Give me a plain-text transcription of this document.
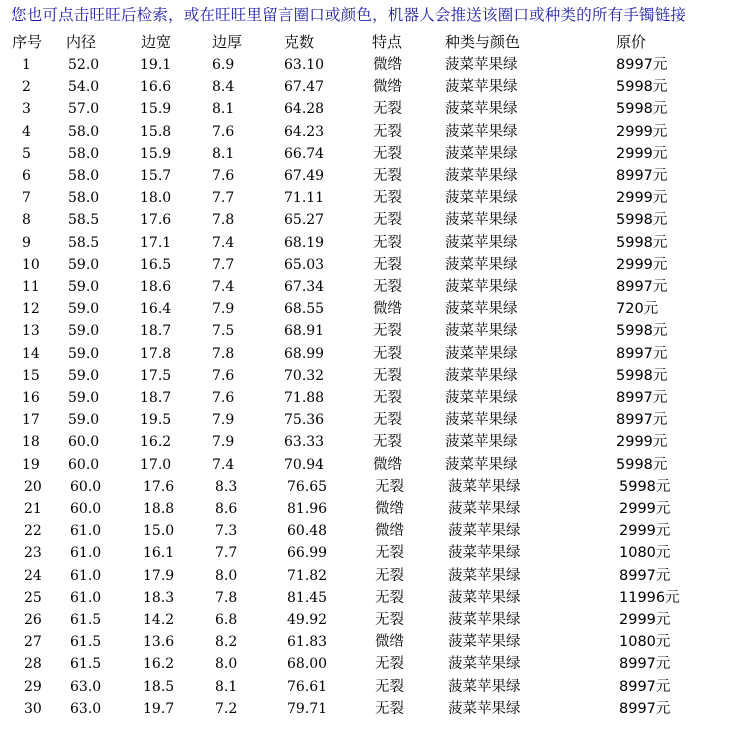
您也可点击旺旺后检索，或在旺旺里留言圈口或颜色，机器人会推送该圈口或种类的所有手镯链接
序号 内径	边宽	边厚	克数	特点	种类与颜色	原价
1	52.0	19.1	6.9	63.10	微绺	菠菜苹果绿	8997元
2	54.0	16.6	8.4	67.47	微绺	菠菜苹果绿	5998元
3	57.0	15.9	8.1	64.28	无裂	菠菜苹果绿	5998元
4	58.0	15.8	7.6	64.23	无裂	菠菜苹果绿	2999元
5	58.0	15.9	8.1	66.74	无裂	菠菜苹果绿	2999元
6	58.0	15.7	7.6	67.49	无裂	菠菜苹果绿	8997元
7	58.0	18.0	7.7	71.11	无裂	菠菜苹果绿	2999元
8	58.5	17.6	7.8	65.27	无裂	菠菜苹果绿	5998元
9	58.5	17.1	7.4	68.19	无裂	菠菜苹果绿	5998元
10 59.0	16.5	7.7	65.03	无裂	菠菜苹果绿	2999元
11 59.0	18.6	7.4	67.34	无裂	菠菜苹果绿	8997元
12 59.0	16.4	7.9	68.55	微绺	菠菜苹果绿	720元
13 59.0	18.7	7.5	68.91	无裂	菠菜苹果绿	5998元
14 59.0	17.8	7.8	68.99	无裂	菠菜苹果绿	8997元
15 59.0	17.5	7.6	70.32	无裂	菠菜苹果绿	5998元
16 59.0	18.7	7.6	71.88	无裂	菠菜苹果绿	8997元
17 59.0	19.5	7.9	75.36	无裂	菠菜苹果绿	8997元
18 60.0	16.2	7.9	63.33	无裂	菠菜苹果绿	2999元
19 60.0	17.0	7.4	70.94	微绺	菠菜苹果绿	5998元
20 60.0	17.6	8.3	76.65	无裂	菠菜苹果绿	5998元
21 60.0	18.8	8.6	81.96	微绺	菠菜苹果绿	2999元
22 61.0	15.0	7.3	60.48	微绺	菠菜苹果绿	2999元
23 61.0	16.1	7.7	66.99	无裂	菠菜苹果绿	1080元
24 61.0	17.9	8.0	71.82	无裂	菠菜苹果绿	8997元
25 61.0	18.3	7.8	81.45	无裂	菠菜苹果绿	11996元
26 61.5	14.2	6.8	49.92	无裂	菠菜苹果绿	2999元
27 61.5	13.6	8.2	61.83	微绺	菠菜苹果绿	1080元
28 61.5	16.2	8.0	68.00	无裂	菠菜苹果绿	8997元
29 63.0	18.5	8.1	76.61	无裂	菠菜苹果绿	8997元
30 63.0	19.7	7.2	79.71	无裂	菠菜苹果绿	8997元
